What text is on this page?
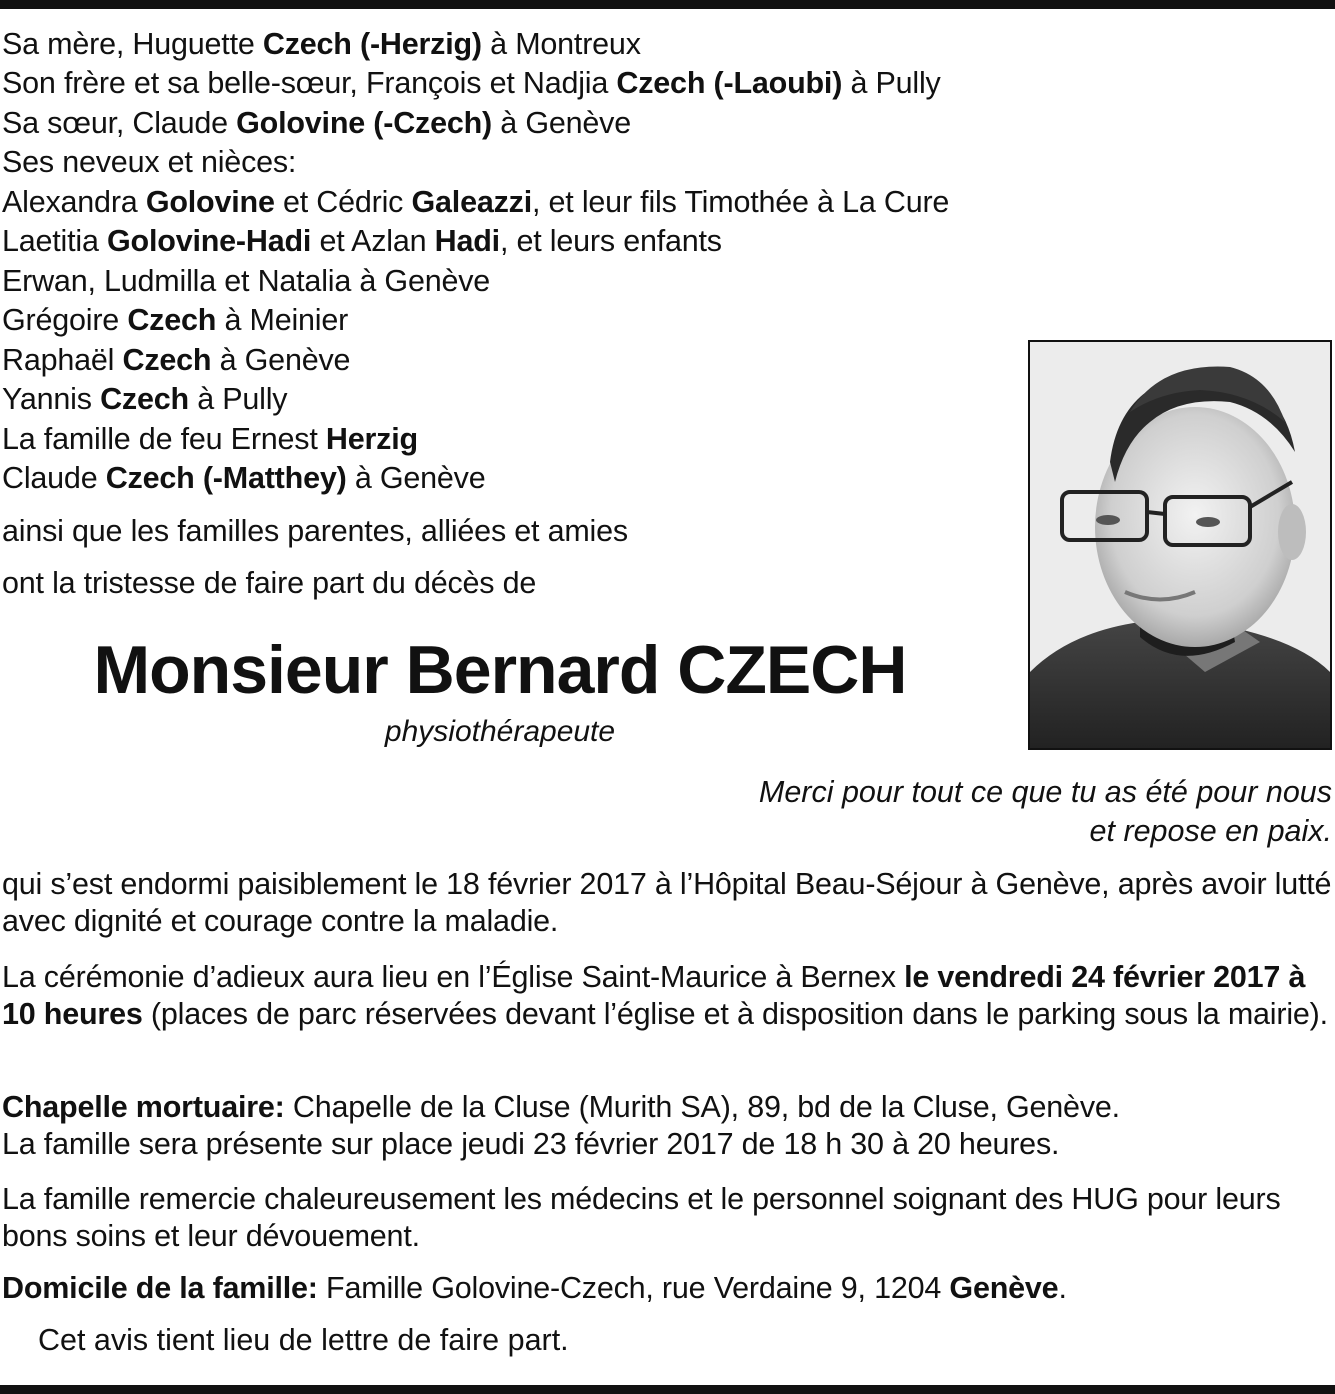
Sa mère, Huguette Czech (-Herzig) à Montreux
Son frère et sa belle-sœur, François et Nadjia Czech (-Laoubi) à Pully
Sa sœur, Claude Golovine (-Czech) à Genève
Ses neveux et nièces:
Alexandra Golovine et Cédric Galeazzi, et leur fils Timothée à La Cure
Laetitia Golovine-Hadi et Azlan Hadi, et leurs enfants
Erwan, Ludmilla et Natalia à Genève
Grégoire Czech à Meinier
Raphaël Czech à Genève
Yannis Czech à Pully
La famille de feu Ernest Herzig
Claude Czech (-Matthey) à Genève
ainsi que les familles parentes, alliées et amies
ont la tristesse de faire part du décès de
Monsieur Bernard CZECH
physiothérapeute
Merci pour tout ce que tu as été pour nous
et repose en paix.
qui s’est endormi paisiblement le 18 février 2017 à l’Hôpital Beau-Séjour à Genève, après avoir lutté avec dignité et courage contre la maladie.
La cérémonie d’adieux aura lieu en l’Église Saint-Maurice à Bernex le vendredi 24 février 2017 à 10 heures (places de parc réservées devant l’église et à disposition dans le parking sous la mairie).
Chapelle mortuaire: Chapelle de la Cluse (Murith SA), 89, bd de la Cluse, Genève.
La famille sera présente sur place jeudi 23 février 2017 de 18 h 30 à 20 heures.
La famille remercie chaleureusement les médecins et le personnel soignant des HUG pour leurs bons soins et leur dévouement.
Domicile de la famille: Famille Golovine-Czech, rue Verdaine 9, 1204 Genève.
Cet avis tient lieu de lettre de faire part.
